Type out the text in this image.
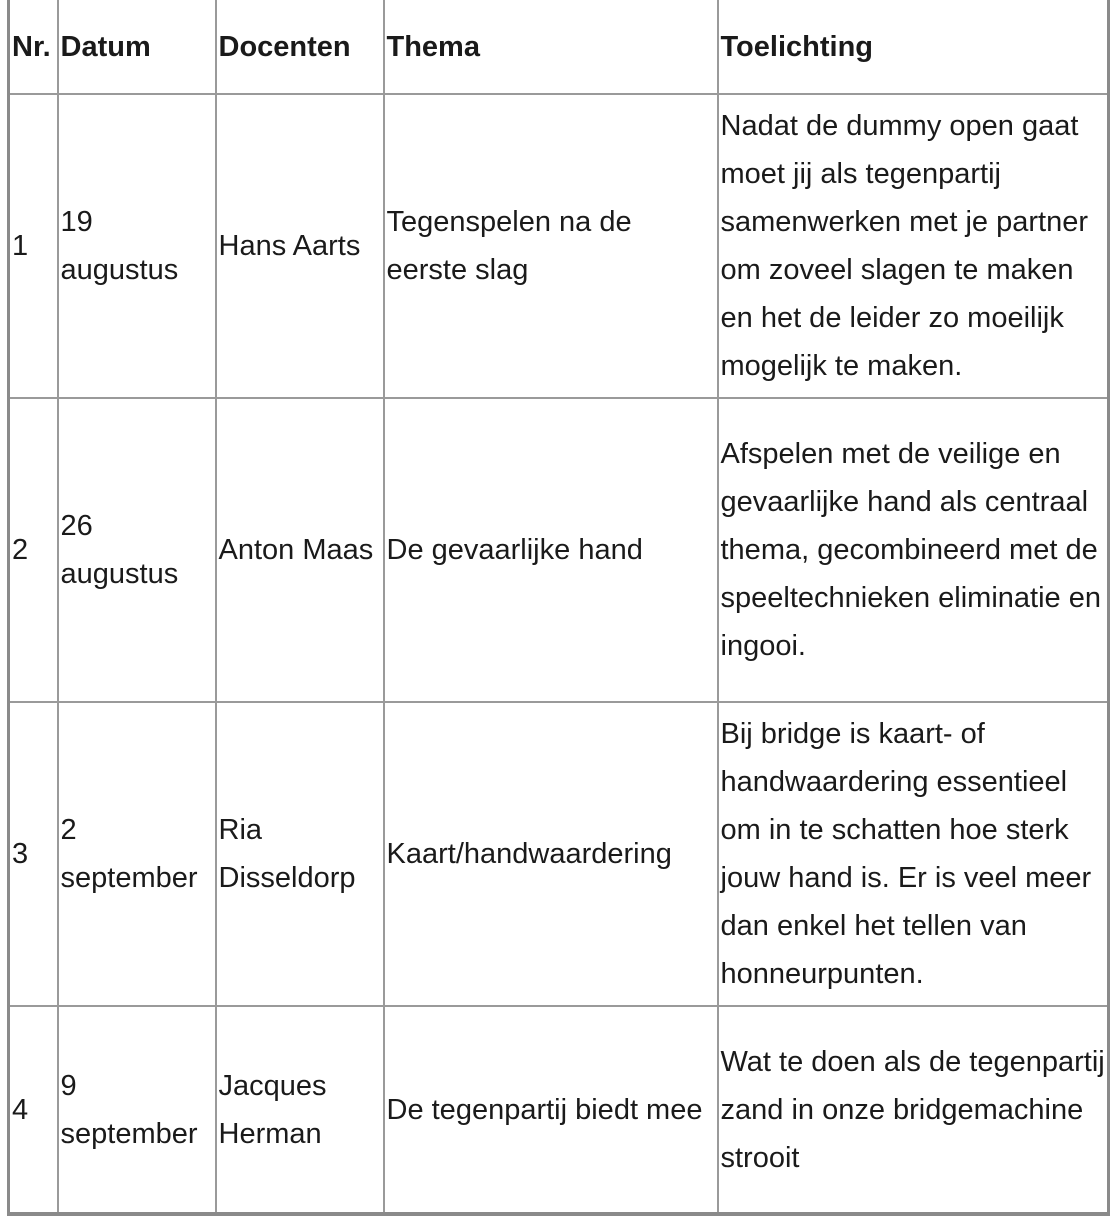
Nr.	Datum	Docenten	Thema	Toelichting
1	19 augustus	Hans Aarts	Tegenspelen na de eerste slag	Nadat de dummy open gaat moet jij als tegenpartij samenwerken met je partner om zoveel slagen te maken en het de leider zo moeilijk mogelijk te maken.
2	26 augustus	Anton Maas	De gevaarlijke hand	Afspelen met de veilige en gevaarlijke hand als centraal thema, gecombineerd met de speeltechnieken eliminatie en ingooi.
3	2 september	Ria Disseldorp	Kaart/handwaardering	Bij bridge is kaart- of handwaardering essentieel om in te schatten hoe sterk jouw hand is. Er is veel meer dan enkel het tellen van honneurpunten.
4	9 september	Jacques Herman	De tegenpartij biedt mee	Wat te doen als de tegenpartij zand in onze bridgemachine strooit
